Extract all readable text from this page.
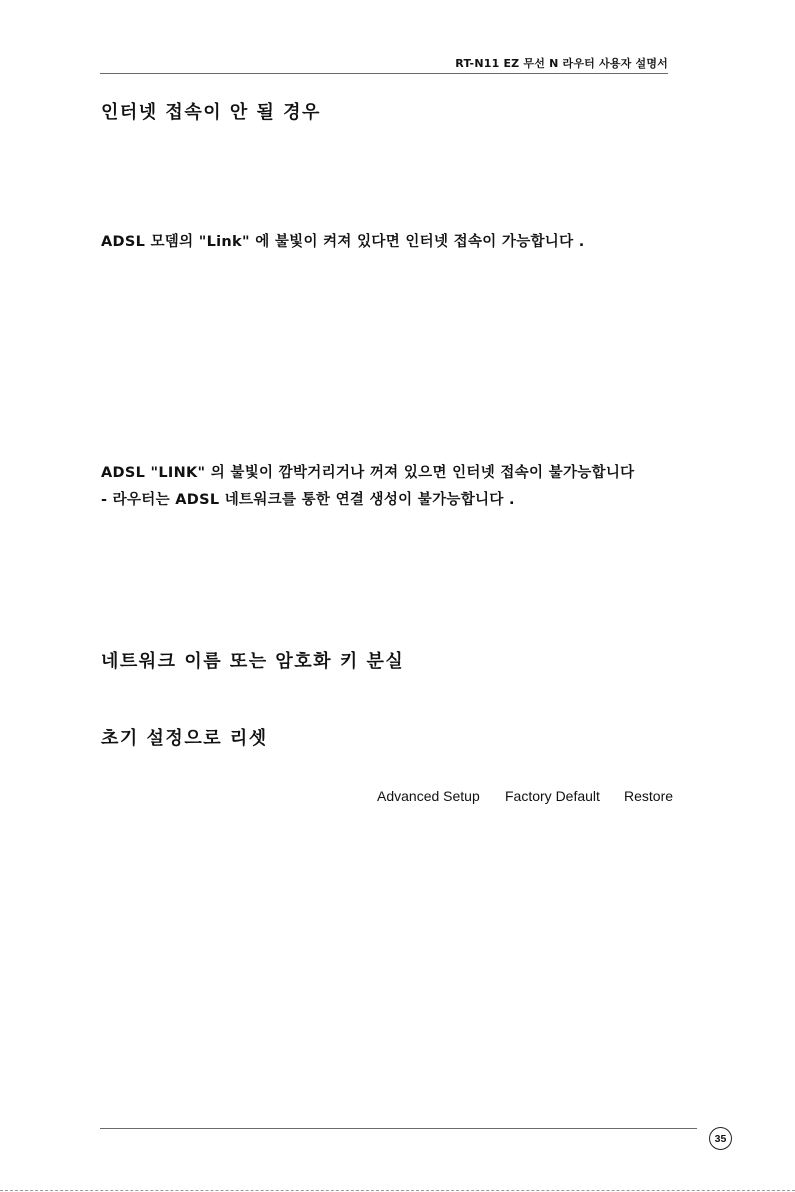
RT-N11 EZ 무선 N 라우터 사용자 설명서
인터넷 접속이 안 될 경우
ADSL 모뎀의 "Link" 에 불빛이 켜져 있다면 인터넷 접속이 가능합니다 .
ADSL "LINK" 의 불빛이 깜박거리거나 꺼져 있으면 인터넷 접속이 불가능합니다
- 라우터는 ADSL 네트워크를 통한 연결 생성이 불가능합니다 .
네트워크 이름 또는 암호화 키 분실
초기 설정으로 리셋
Advanced Setup Factory Default Restore
35
